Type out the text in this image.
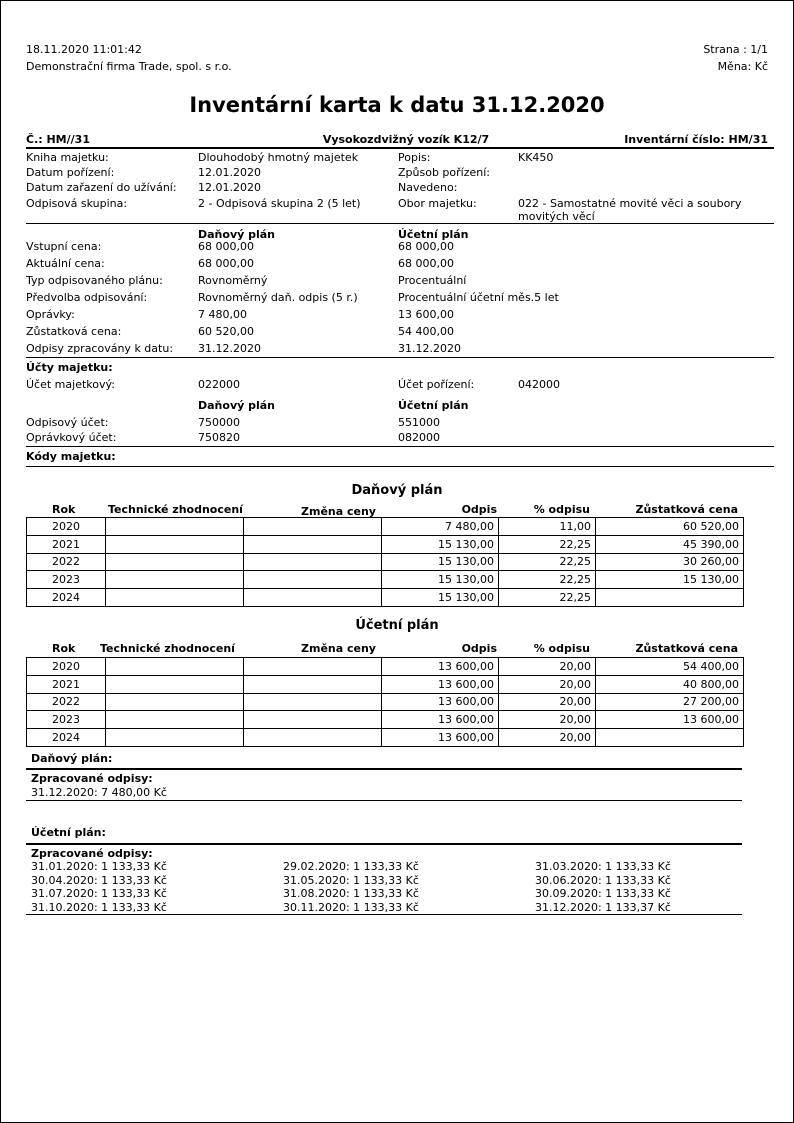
18.11.2020 11:01:42
Demonstrační firma Trade, spol. s r.o.
Strana : 1/1
Měna: Kč
Inventární karta k datu 31.12.2020
Č.: HM//31	Vysokozdvižný vozík K12/7	Inventární číslo: HM/31
Kniha majetku:	Dlouhodobý hmotný majetek	Popis:	KK450
Datum pořízení:	12.01.2020	Způsob pořízení:
Datum zařazení do užívání: 12.01.2020	Navedeno:
Odpisová skupina:	2 - Odpisová skupina 2 (5 let)	Obor majetku:	022 - Samostatné movité věci a soubory
movitých věcí
Daňový plán	Účetní plán
Vstupní cena:	68 000,00	68 000,00
Aktuální cena:	68 000,00	68 000,00
Typ odpisovaného plánu:	Rovnoměrný	Procentuální
Předvolba odpisování:	Rovnoměrný daň. odpis (5 r.)	Procentuální účetní měs.5 let
Oprávky:	7 480,00	13 600,00
Zůstatková cena:	60 520,00	54 400,00
Odpisy zpracovány k datu: 31.12.2020	31.12.2020
Účty majetku:
Účet majetkový:	022000	Účet pořízení:	042000
Daňový plán	Účetní plán
Odpisový účet:	750000	551000
Oprávkový účet:	750820	082000
Kódy majetku:
Daňový plán
Rok	Technické zhodnocení	Změna ceny	Odpis	% odpisu	Zůstatková cena
2020			7 480,00	11,00	60 520,00
2021			15 130,00	22,25	45 390,00
2022			15 130,00	22,25	30 260,00
2023			15 130,00	22,25	15 130,00
2024			15 130,00	22,25	
Účetní plán
Rok Technické zhodnocení	Změna ceny	Odpis	% odpisu	Zůstatková cena
2020			13 600,00	20,00	54 400,00
2021			13 600,00	20,00	40 800,00
2022			13 600,00	20,00	27 200,00
2023			13 600,00	20,00	13 600,00
2024			13 600,00	20,00	
Daňový plán:
Zpracované odpisy:
31.12.2020: 7 480,00 Kč
Účetní plán:
Zpracované odpisy:
31.01.2020: 1 133,33 Kč	29.02.2020: 1 133,33 Kč	31.03.2020: 1 133,33 Kč
30.04.2020: 1 133,33 Kč	31.05.2020: 1 133,33 Kč	30.06.2020: 1 133,33 Kč
31.07.2020: 1 133,33 Kč	31.08.2020: 1 133,33 Kč	30.09.2020: 1 133,33 Kč
31.10.2020: 1 133,33 Kč	30.11.2020: 1 133,33 Kč	31.12.2020: 1 133,37 Kč
